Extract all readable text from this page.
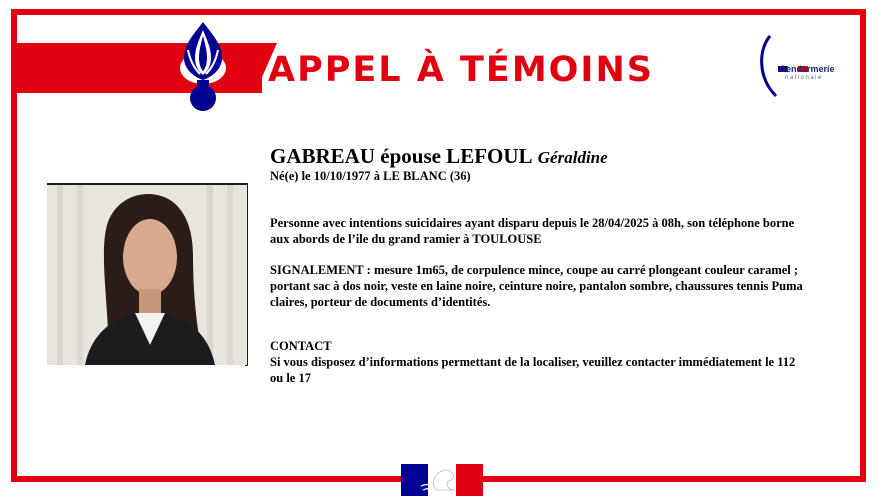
APPEL À TÉMOINS	Gendarmerie
nationale
GABREAU épouse LEFOUL Géraldine
Né(e) le 10/10/1977 à LE BLANC (36)
Personne avec intentions suicidaires ayant disparu depuis le 28/04/2025 à 08h, son téléphone borne aux abords de l’ile du grand ramier à TOULOUSE
SIGNALEMENT : mesure 1m65, de corpulence mince, coupe au carré plongeant couleur caramel ; portant sac à dos noir, veste en laine noire, ceinture noire, pantalon sombre, chaussures tennis Puma claires, porteur de documents d’identités.
CONTACT
Si vous disposez d’informations permettant de la localiser, veuillez contacter immédiatement le 112 ou le 17
